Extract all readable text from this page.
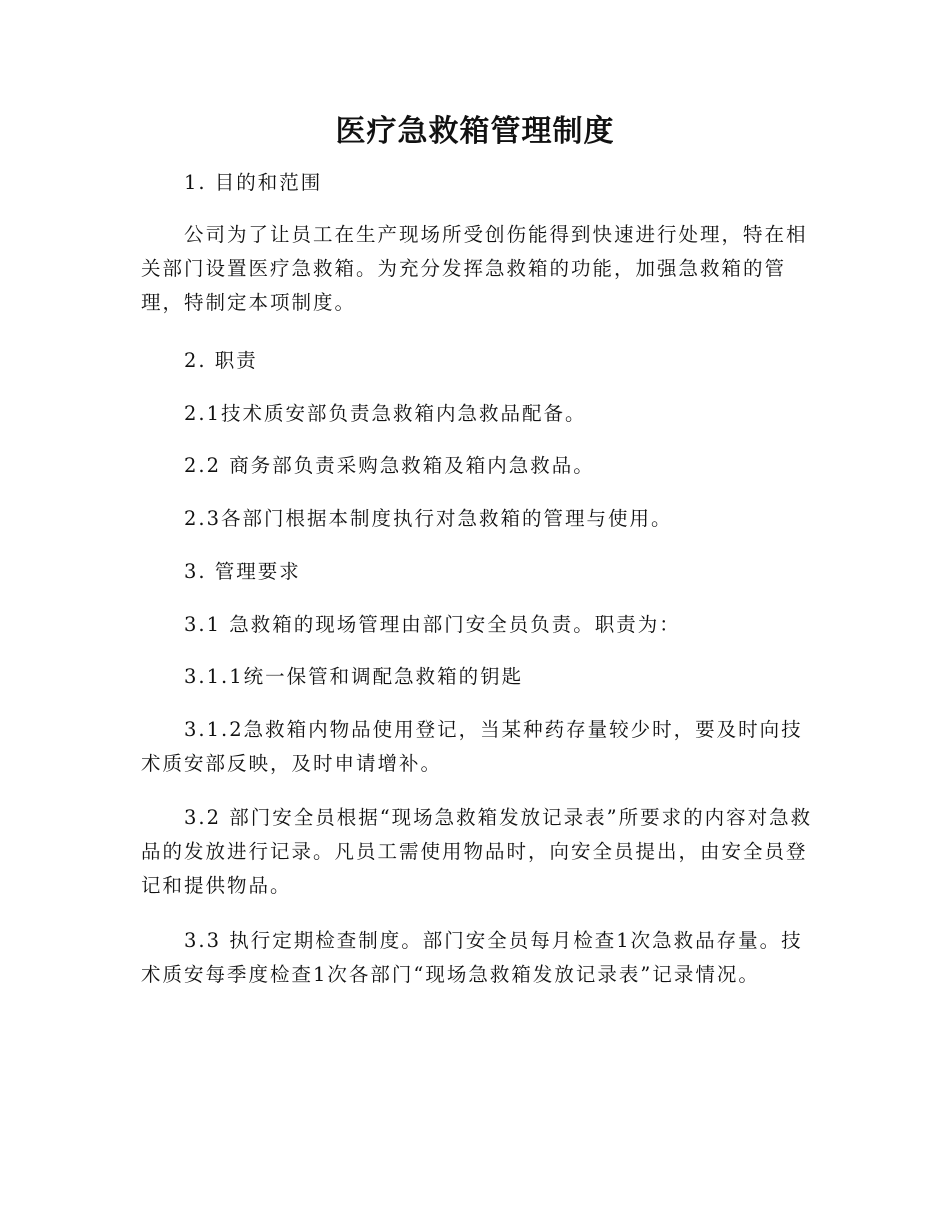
医疗急救箱管理制度

1. 目的和范围

公司为了让员工在生产现场所受创伤能得到快速进行处理，特在相关部门设置医疗急救箱。为充分发挥急救箱的功能，加强急救箱的管理，特制定本项制度。

2. 职责

2.1技术质安部负责急救箱内急救品配备。

2.2 商务部负责采购急救箱及箱内急救品。

2.3各部门根据本制度执行对急救箱的管理与使用。

3. 管理要求

3.1 急救箱的现场管理由部门安全员负责。职责为：

3.1.1统一保管和调配急救箱的钥匙

3.1.2急救箱内物品使用登记，当某种药存量较少时，要及时向技术质安部反映，及时申请增补。

3.2 部门安全员根据“现场急救箱发放记录表”所要求的内容对急救品的发放进行记录。凡员工需使用物品时，向安全员提出，由安全员登记和提供物品。

3.3 执行定期检查制度。部门安全员每月检查1次急救品存量。技术质安每季度检查1次各部门“现场急救箱发放记录表”记录情况。
